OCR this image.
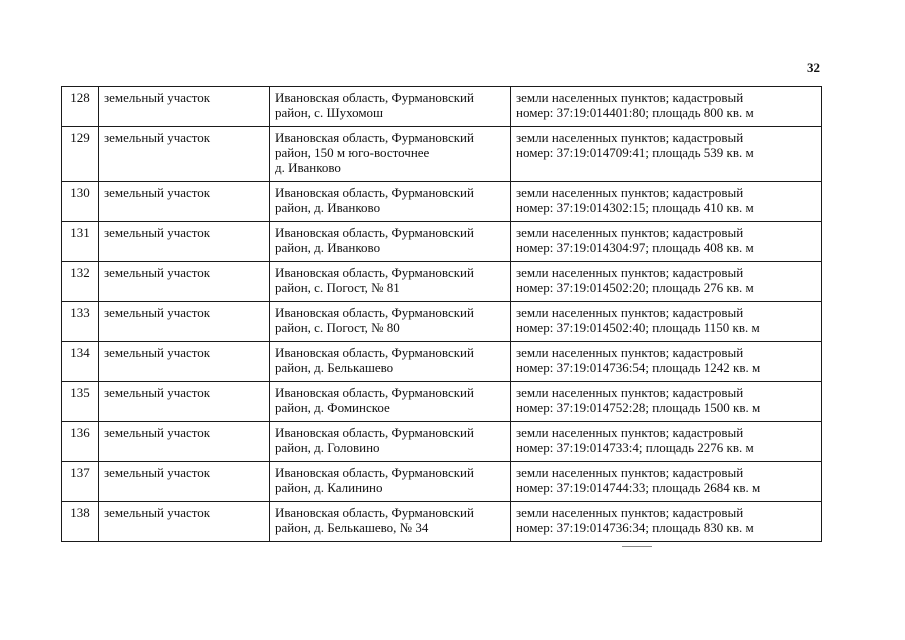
32
128	земельный участок	Ивановская область, Фурмановский
район, с. Шухомош	земли населенных пунктов; кадастровый
номер: 37:19:014401:80; площадь 800 кв. м

129	земельный участок	Ивановская область, Фурмановский
район, 150 м юго-восточнее
д. Иванково	земли населенных пунктов; кадастровый
номер: 37:19:014709:41; площадь 539 кв. м

130	земельный участок	Ивановская область, Фурмановский
район, д. Иванково	земли населенных пунктов; кадастровый
номер: 37:19:014302:15; площадь 410 кв. м

131	земельный участок	Ивановская область, Фурмановский
район, д. Иванково	земли населенных пунктов; кадастровый
номер: 37:19:014304:97; площадь 408 кв. м

132	земельный участок	Ивановская область, Фурмановский
район, с. Погост, № 81	земли населенных пунктов; кадастровый
номер: 37:19:014502:20; площадь 276 кв. м

133	земельный участок	Ивановская область, Фурмановский
район, с. Погост, № 80	земли населенных пунктов; кадастровый
номер: 37:19:014502:40; площадь 1150 кв. м

134	земельный участок	Ивановская область, Фурмановский
район, д. Белькашево	земли населенных пунктов; кадастровый
номер: 37:19:014736:54; площадь 1242 кв. м

135	земельный участок	Ивановская область, Фурмановский
район, д. Фоминское	земли населенных пунктов; кадастровый
номер: 37:19:014752:28; площадь 1500 кв. м

136	земельный участок	Ивановская область, Фурмановский
район, д. Головино	земли населенных пунктов; кадастровый
номер: 37:19:014733:4; площадь 2276 кв. м

137	земельный участок	Ивановская область, Фурмановский
район, д. Калинино	земли населенных пунктов; кадастровый
номер: 37:19:014744:33; площадь 2684 кв. м

138	земельный участок	Ивановская область, Фурмановский
район, д. Белькашево, № 34	земли населенных пунктов; кадастровый
номер: 37:19:014736:34; площадь 830 кв. м
